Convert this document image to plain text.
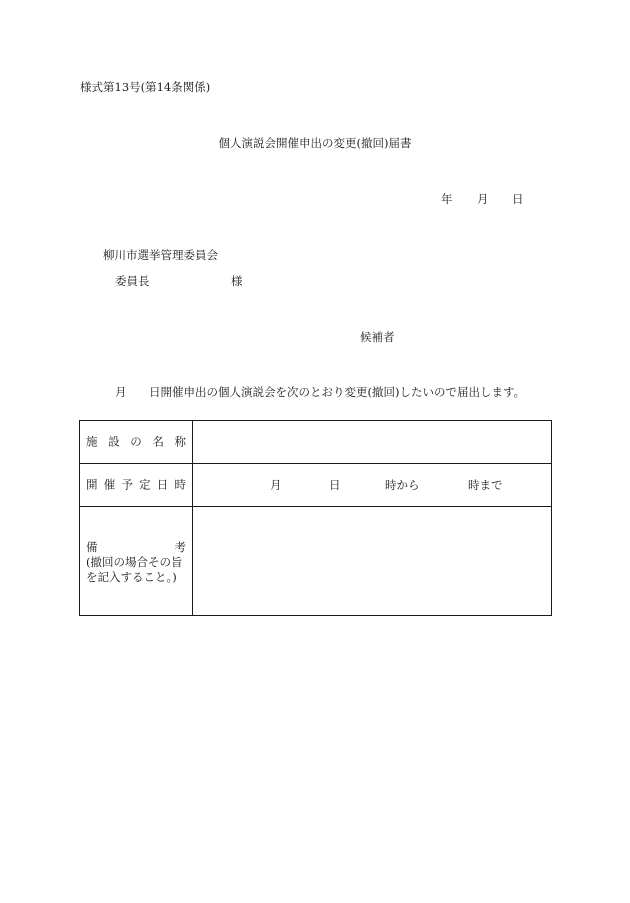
様式第13号(第14条関係)
個人演説会開催申出の変更(撤回)届書
年 月 日
柳川市選挙管理委員会
委員長	様
候補者
月 日開催申出の個人演説会を次のとおり変更(撤回)したいので届出します。
施 設 の 名 称
開 催 予 定 日 時	月	日	時から	時まで
備	考
(撤回の場合その旨
を記入すること。)
